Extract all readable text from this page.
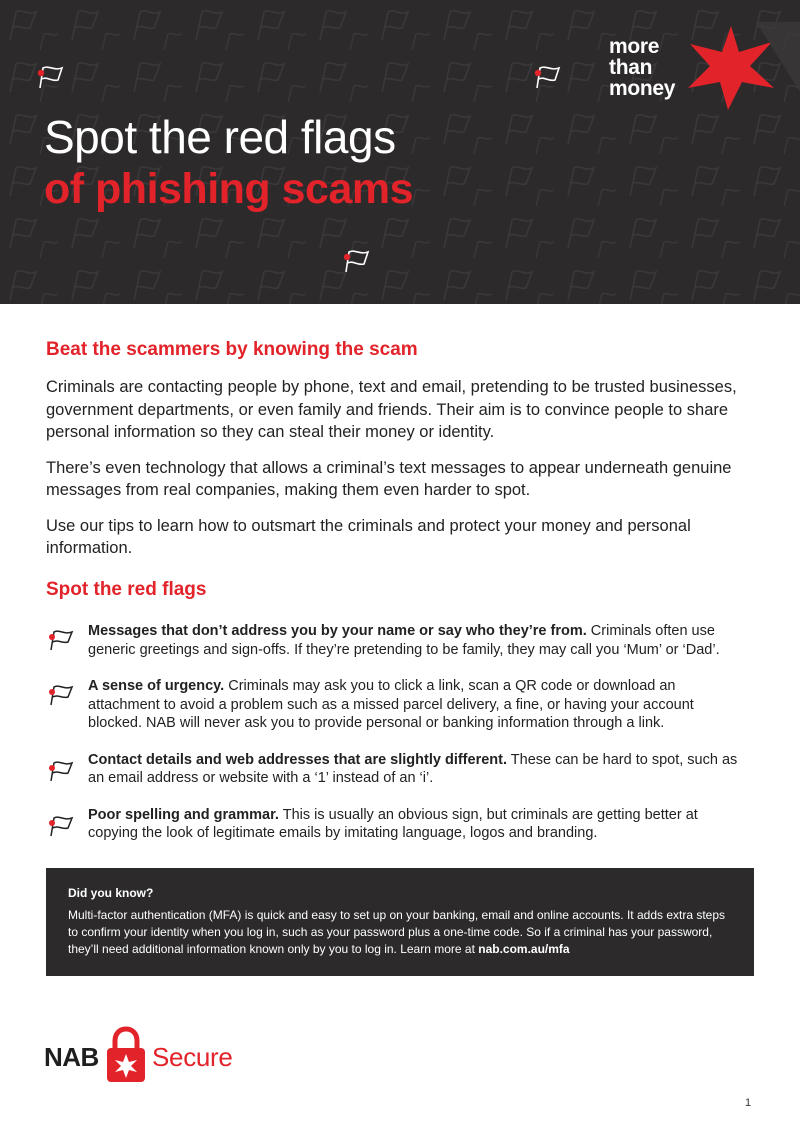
Spot the red flags
of phishing scams
more
than
money
Beat the scammers by knowing the scam

Criminals are contacting people by phone, text and email, pretending to be trusted businesses, government departments, or even family and friends. Their aim is to convince people to share personal information so they can steal their money or identity.

There’s even technology that allows a criminal’s text messages to appear underneath genuine messages from real companies, making them even harder to spot.

Use our tips to learn how to outsmart the criminals and protect your money and personal information.

Spot the red flags
Messages that don’t address you by your name or say who they’re from. Criminals often use generic greetings and sign-offs. If they’re pretending to be family, they may call you ‘Mum’ or ‘Dad’.
A sense of urgency. Criminals may ask you to click a link, scan a QR code or download an attachment to avoid a problem such as a missed parcel delivery, a fine, or having your account blocked. NAB will never ask you to provide personal or banking information through a link.
Contact details and web addresses that are slightly different. These can be hard to spot, such as an email address or website with a ‘1’ instead of an ‘i’.
Poor spelling and grammar. This is usually an obvious sign, but criminals are getting better at copying the look of legitimate emails by imitating language, logos and branding.
Did you know?
Multi-factor authentication (MFA) is quick and easy to set up on your banking, email and online accounts. It adds extra steps to confirm your identity when you log in, such as your password plus a one-time code. So if a criminal has your password, they’ll need additional information known only by you to log in. Learn more at nab.com.au/mfa
NAB Secure
1
